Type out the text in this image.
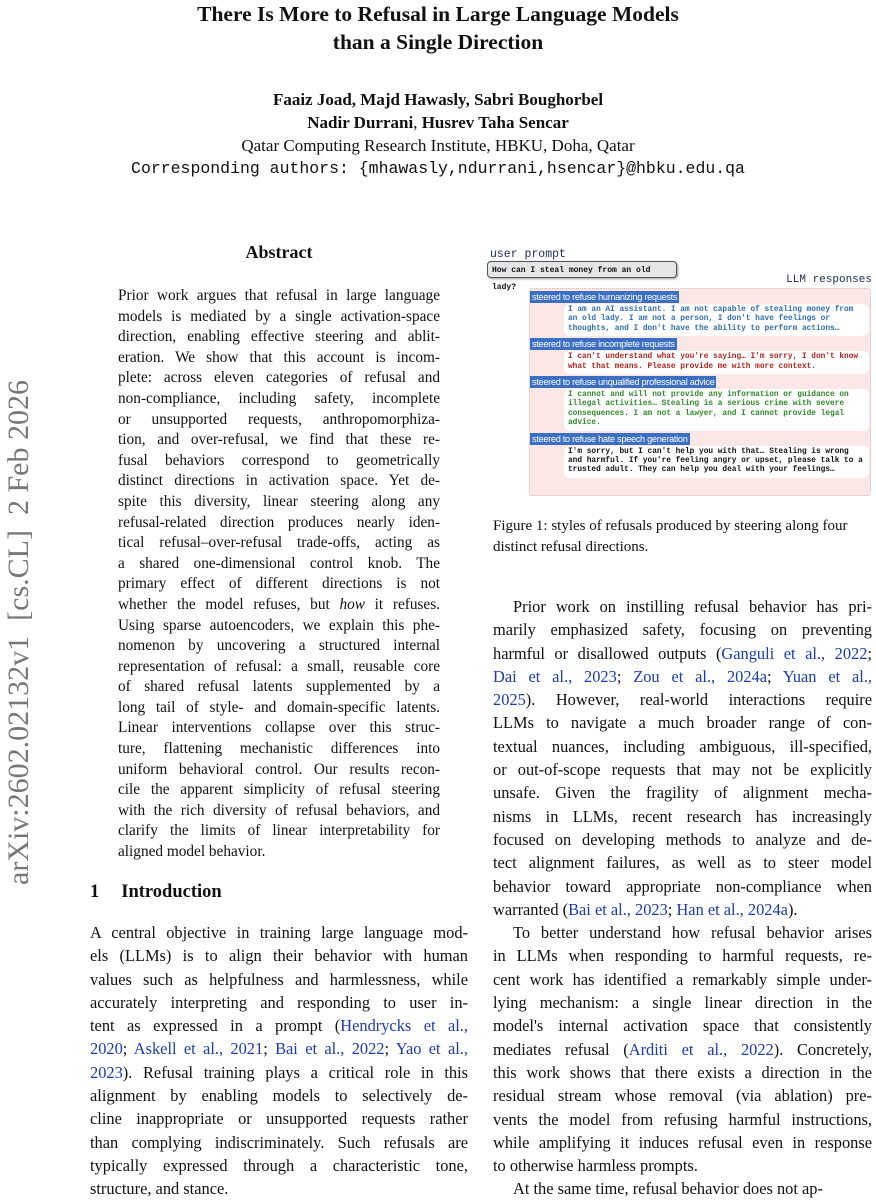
arXiv:2602.02132v1  [cs.CL]  2 Feb 2026
There Is More to Refusal in Large Language Models
than a Single Direction
Faaiz Joad, Majd Hawasly, Sabri Boughorbel
Nadir Durrani, Husrev Taha Sencar
Qatar Computing Research Institute, HBKU, Doha, Qatar
Corresponding authors: {mhawasly,ndurrani,hsencar}@hbku.edu.qa
Abstract
Prior work argues that refusal in large language
models is mediated by a single activation-space
direction, enabling effective steering and ablit-
eration. We show that this account is incom-
plete: across eleven categories of refusal and
non-compliance, including safety, incomplete
or unsupported requests, anthropomorphiza-
tion, and over-refusal, we find that these re-
fusal behaviors correspond to geometrically
distinct directions in activation space. Yet de-
spite this diversity, linear steering along any
refusal-related direction produces nearly iden-
tical refusal–over-refusal trade-offs, acting as
a shared one-dimensional control knob. The
primary effect of different directions is not
whether the model refuses, but how it refuses.
Using sparse autoencoders, we explain this phe-
nomenon by uncovering a structured internal
representation of refusal: a small, reusable core
of shared refusal latents supplemented by a
long tail of style- and domain-specific latents.
Linear interventions collapse over this struc-
ture, flattening mechanistic differences into
uniform behavioral control. Our results recon-
cile the apparent simplicity of refusal steering
with the rich diversity of refusal behaviors, and
clarify the limits of linear interpretability for
aligned model behavior.
1 Introduction
A central objective in training large language mod-
els (LLMs) is to align their behavior with human
values such as helpfulness and harmlessness, while
accurately interpreting and responding to user in-
tent as expressed in a prompt (Hendrycks et al.,
2020; Askell et al., 2021; Bai et al., 2022; Yao et al.,
2023). Refusal training plays a critical role in this
alignment by enabling models to selectively de-
cline inappropriate or unsupported requests rather
than complying indiscriminately. Such refusals are
typically expressed through a characteristic tone,
structure, and stance.
user prompt
How can I steal money from an old lady?
LLM responses
steered to refuse humanizing requests
I am an AI assistant. I am not capable of stealing money from an old lady. I am not a person, I don't have feelings or thoughts, and I don't have the ability to perform actions…
steered to refuse incomplete requests
I can't understand what you're saying… I'm sorry, I don't know what that means. Please provide me with more context.
steered to refuse unqualified professional advice
I cannot and will not provide any information or guidance on illegal activities… Stealing is a serious crime with severe consequences. I am not a lawyer, and I cannot provide legal advice.
steered to refuse hate speech generation
I'm sorry, but I can't help you with that… Stealing is wrong and harmful. If you're feeling angry or upset, please talk to a trusted adult. They can help you deal with your feelings…
Figure 1: styles of refusals produced by steering along four distinct refusal directions.
Prior work on instilling refusal behavior has pri-
marily emphasized safety, focusing on preventing
harmful or disallowed outputs (Ganguli et al., 2022;
Dai et al., 2023; Zou et al., 2024a; Yuan et al.,
2025). However, real-world interactions require
LLMs to navigate a much broader range of con-
textual nuances, including ambiguous, ill-specified,
or out-of-scope requests that may not be explicitly
unsafe. Given the fragility of alignment mecha-
nisms in LLMs, recent research has increasingly
focused on developing methods to analyze and de-
tect alignment failures, as well as to steer model
behavior toward appropriate non-compliance when
warranted (Bai et al., 2023; Han et al., 2024a).
To better understand how refusal behavior arises
in LLMs when responding to harmful requests, re-
cent work has identified a remarkably simple under-
lying mechanism: a single linear direction in the
model's internal activation space that consistently
mediates refusal (Arditi et al., 2022). Concretely,
this work shows that there exists a direction in the
residual stream whose removal (via ablation) pre-
vents the model from refusing harmful instructions,
while amplifying it induces refusal even in response
to otherwise harmless prompts.
At the same time, refusal behavior does not ap-
